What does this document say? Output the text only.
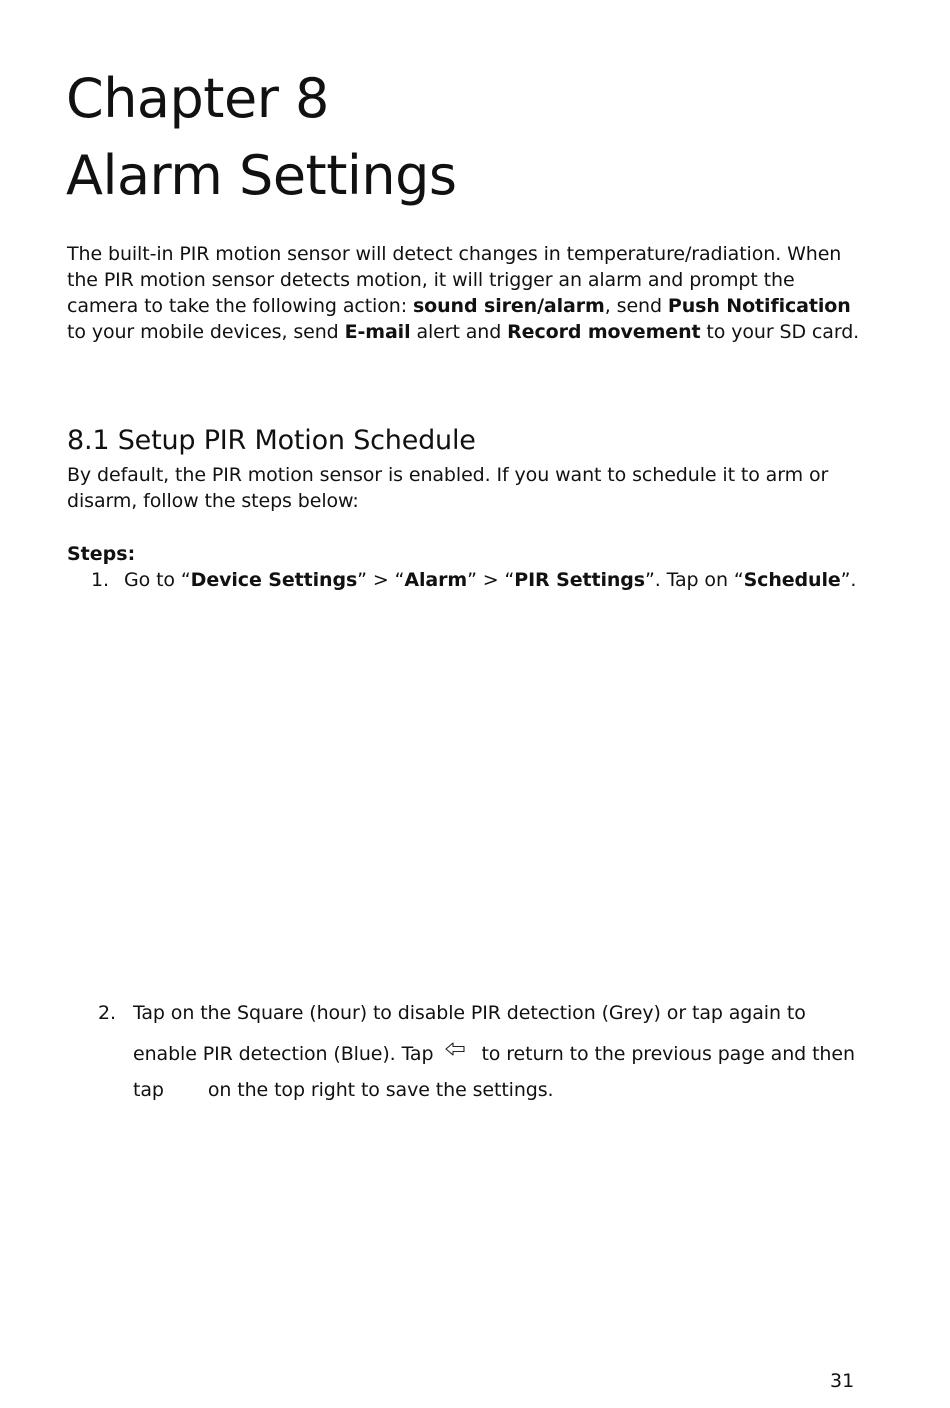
Chapter 8
Alarm Settings

The built-in PIR motion sensor will detect changes in temperature/radiation. When the PIR motion sensor detects motion, it will trigger an alarm and prompt the camera to take the following action: sound siren/alarm, send Push Notification to your mobile devices, send E-mail alert and Record movement to your SD card.

8.1 Setup PIR Motion Schedule

By default, the PIR motion sensor is enabled. If you want to schedule it to arm or disarm, follow the steps below:

Steps:

1. Go to “Device Settings” > “Alarm” > “PIR Settings”. Tap on “Schedule”.
2. Tap on the Square (hour) to disable PIR detection (Grey) or tap again to enable PIR detection (Blue). Tap	to return to the previous page and then tap on the top right to save the settings.
31
